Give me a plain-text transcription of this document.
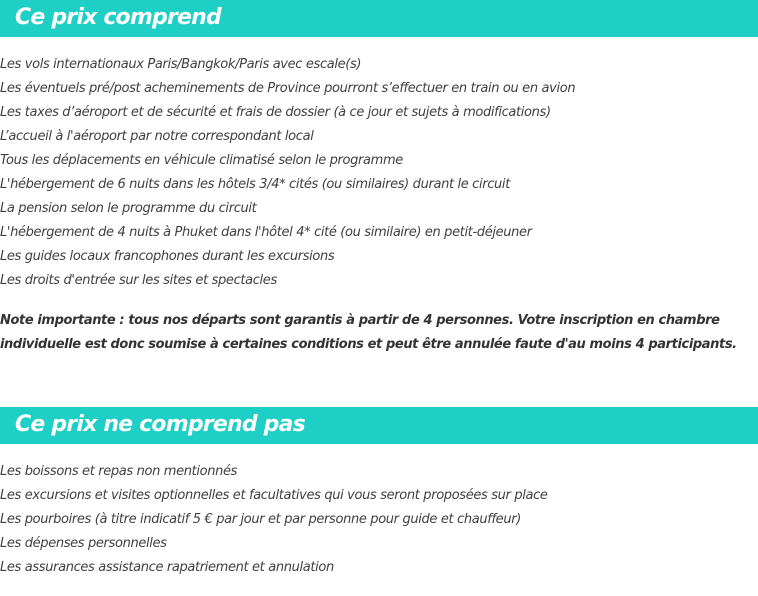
Ce prix comprend
Les vols internationaux Paris/Bangkok/Paris avec escale(s)
Les éventuels pré/post acheminements de Province pourront s’effectuer en train ou en avion
Les taxes d’aéroport et de sécurité et frais de dossier (à ce jour et sujets à modifications)
L’accueil à l'aéroport par notre correspondant local
Tous les déplacements en véhicule climatisé selon le programme
L'hébergement de 6 nuits dans les hôtels 3/4* cités (ou similaires) durant le circuit
La pension selon le programme du circuit
L'hébergement de 4 nuits à Phuket dans l'hôtel 4* cité (ou similaire) en petit-déjeuner
Les guides locaux francophones durant les excursions
Les droits d'entrée sur les sites et spectacles

Note importante : tous nos départs sont garantis à partir de 4 personnes. Votre inscription en chambre individuelle est donc soumise à certaines conditions et peut être annulée faute d'au moins 4 participants.

Ce prix ne comprend pas
Les boissons et repas non mentionnés
Les excursions et visites optionnelles et facultatives qui vous seront proposées sur place
Les pourboires (à titre indicatif 5 € par jour et par personne pour guide et chauffeur)
Les dépenses personnelles
Les assurances assistance rapatriement et annulation
